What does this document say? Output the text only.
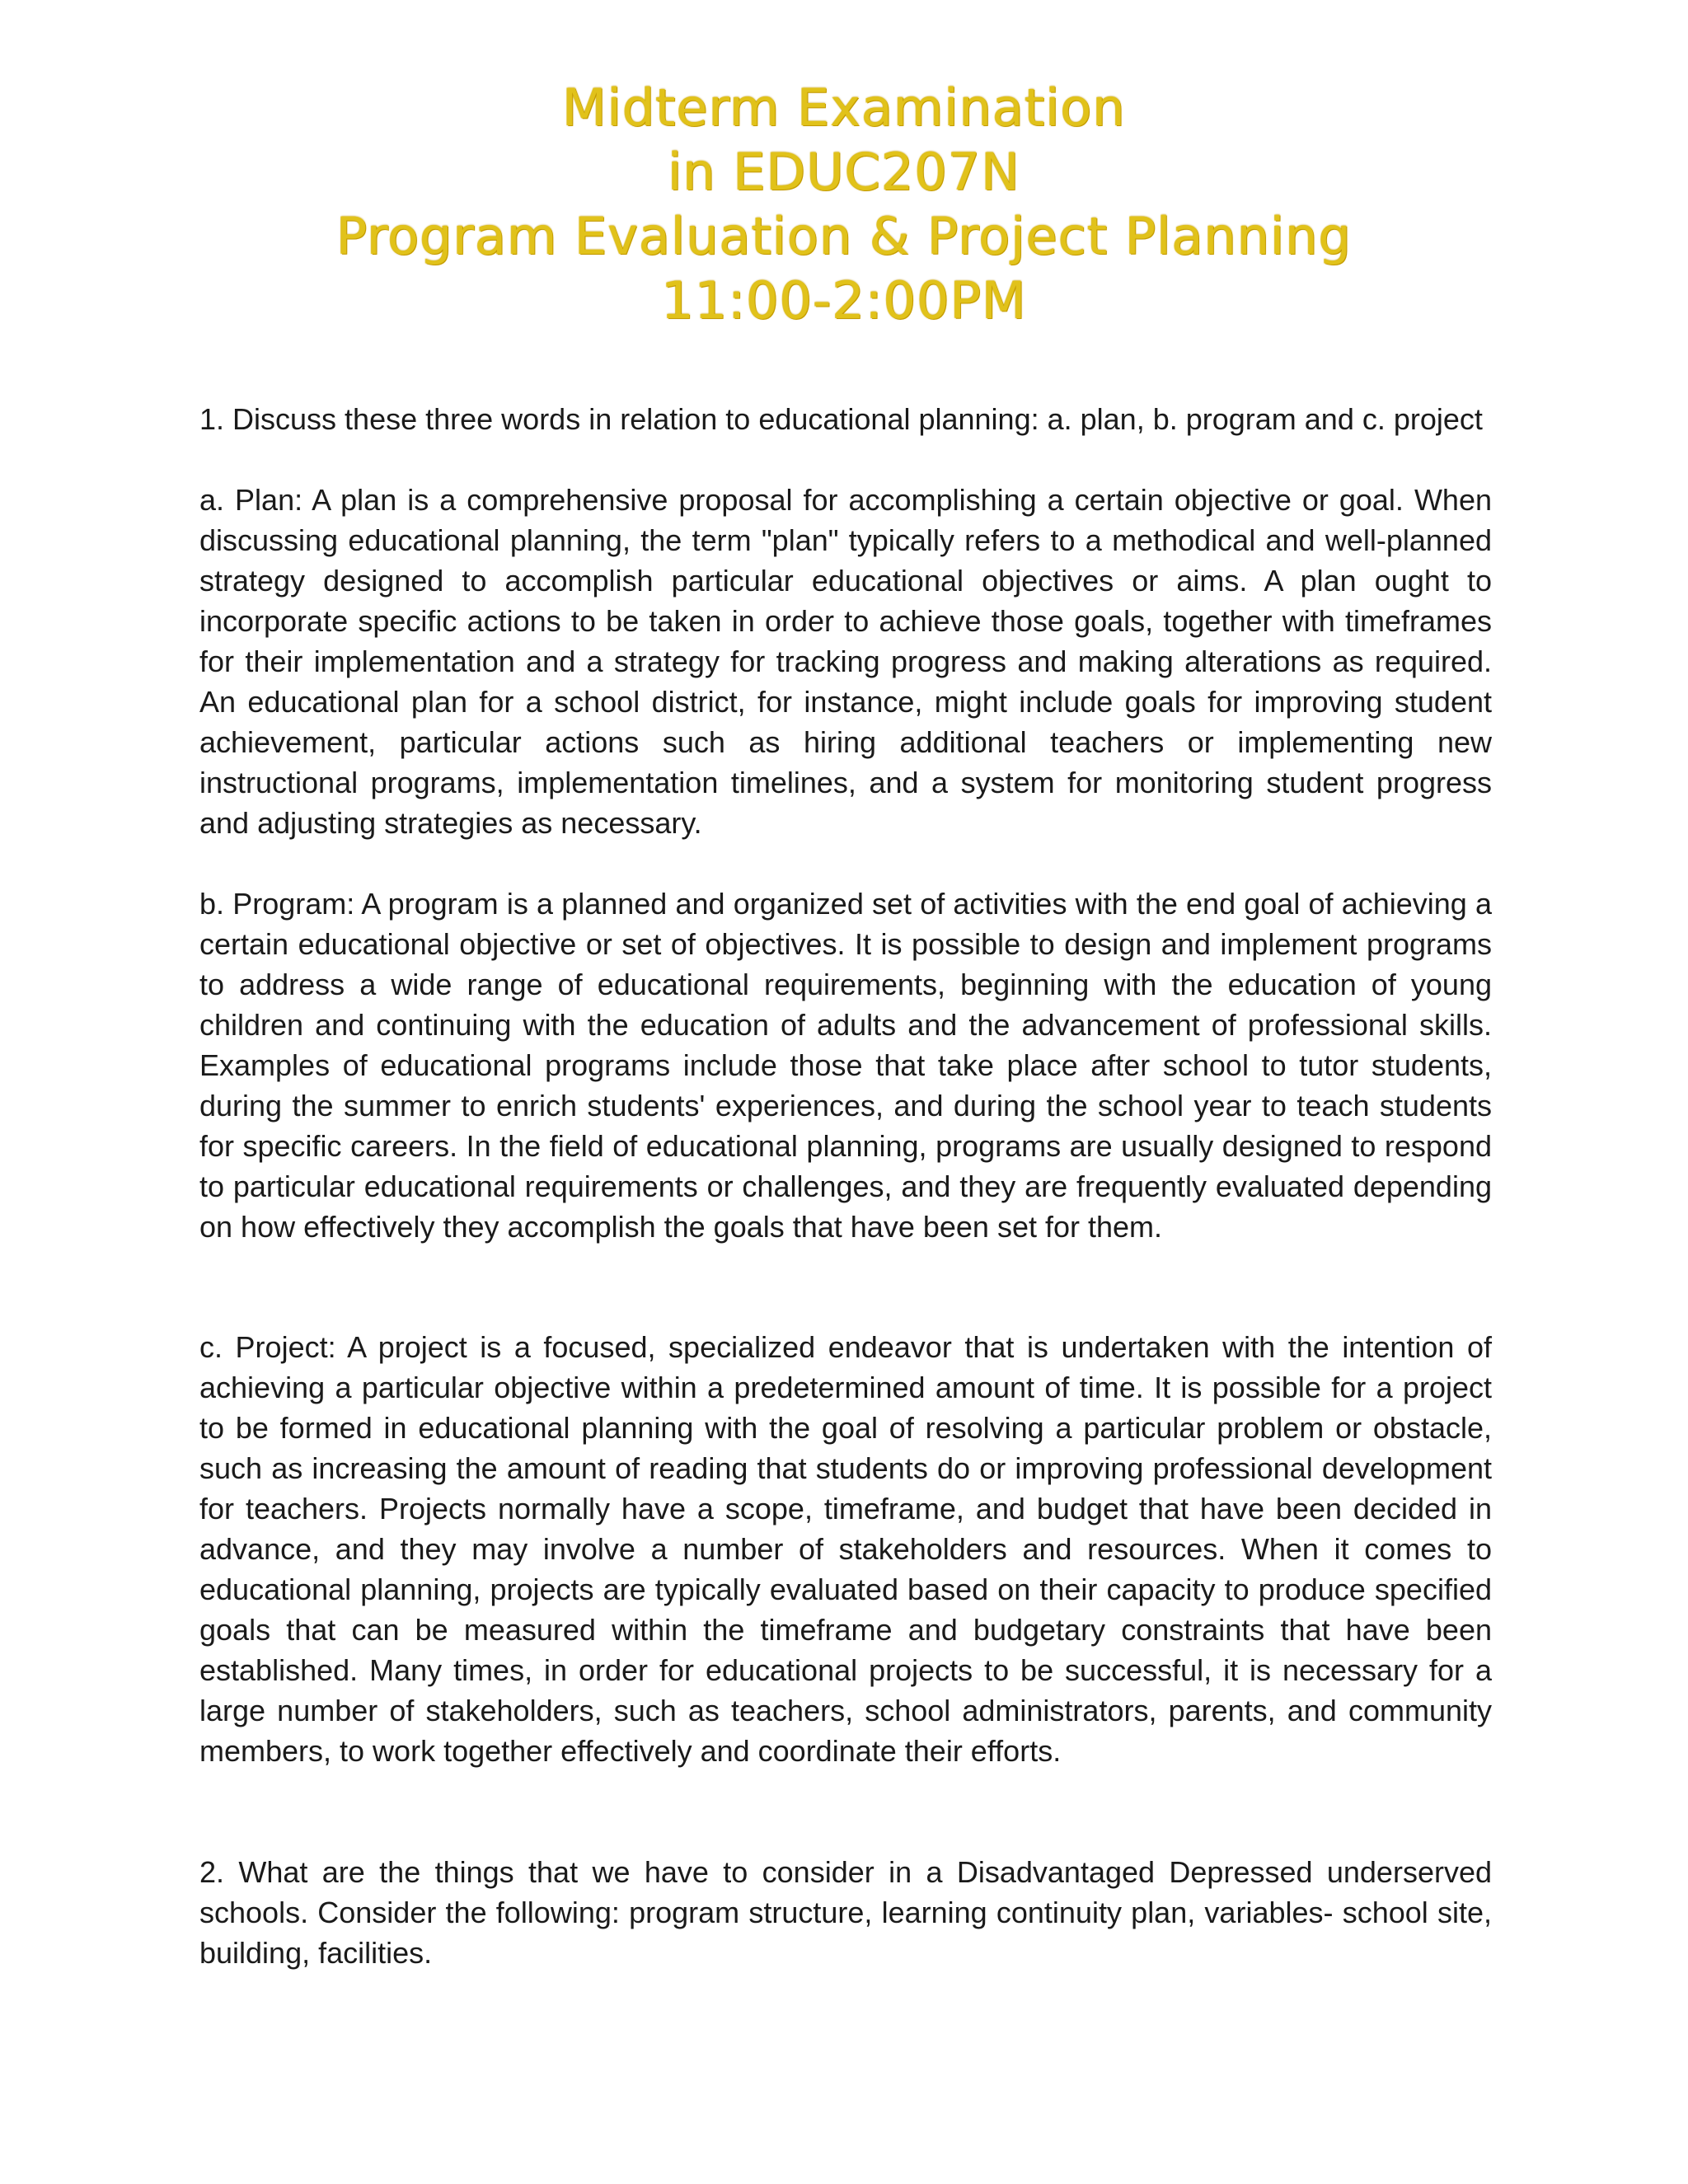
Midterm Examination
in EDUC207N
Program Evaluation & Project Planning
11:00-2:00PM

1. Discuss these three words in relation to educational planning: a. plan, b. program and c. project

a. Plan: A plan is a comprehensive proposal for accomplishing a certain objective or goal. When discussing educational planning, the term "plan" typically refers to a methodical and well-planned strategy designed to accomplish particular educational objectives or aims. A plan ought to incorporate specific actions to be taken in order to achieve those goals, together with timeframes for their implementation and a strategy for tracking progress and making alterations as required. An educational plan for a school district, for instance, might include goals for improving student achievement, particular actions such as hiring additional teachers or implementing new instructional programs, implementation timelines, and a system for monitoring student progress and adjusting strategies as necessary.

b. Program: A program is a planned and organized set of activities with the end goal of achieving a certain educational objective or set of objectives. It is possible to design and implement programs to address a wide range of educational requirements, beginning with the education of young children and continuing with the education of adults and the advancement of professional skills. Examples of educational programs include those that take place after school to tutor students, during the summer to enrich students' experiences, and during the school year to teach students for specific careers. In the field of educational planning, programs are usually designed to respond to particular educational requirements or challenges, and they are frequently evaluated depending on how effectively they accomplish the goals that have been set for them.

c. Project: A project is a focused, specialized endeavor that is undertaken with the intention of achieving a particular objective within a predetermined amount of time. It is possible for a project to be formed in educational planning with the goal of resolving a particular problem or obstacle, such as increasing the amount of reading that students do or improving professional development for teachers. Projects normally have a scope, timeframe, and budget that have been decided in advance, and they may involve a number of stakeholders and resources. When it comes to educational planning, projects are typically evaluated based on their capacity to produce specified goals that can be measured within the timeframe and budgetary constraints that have been established. Many times, in order for educational projects to be successful, it is necessary for a large number of stakeholders, such as teachers, school administrators, parents, and community members, to work together effectively and coordinate their efforts.

2. What are the things that we have to consider in a Disadvantaged Depressed underserved schools. Consider the following: program structure, learning continuity plan, variables- school site, building, facilities.
